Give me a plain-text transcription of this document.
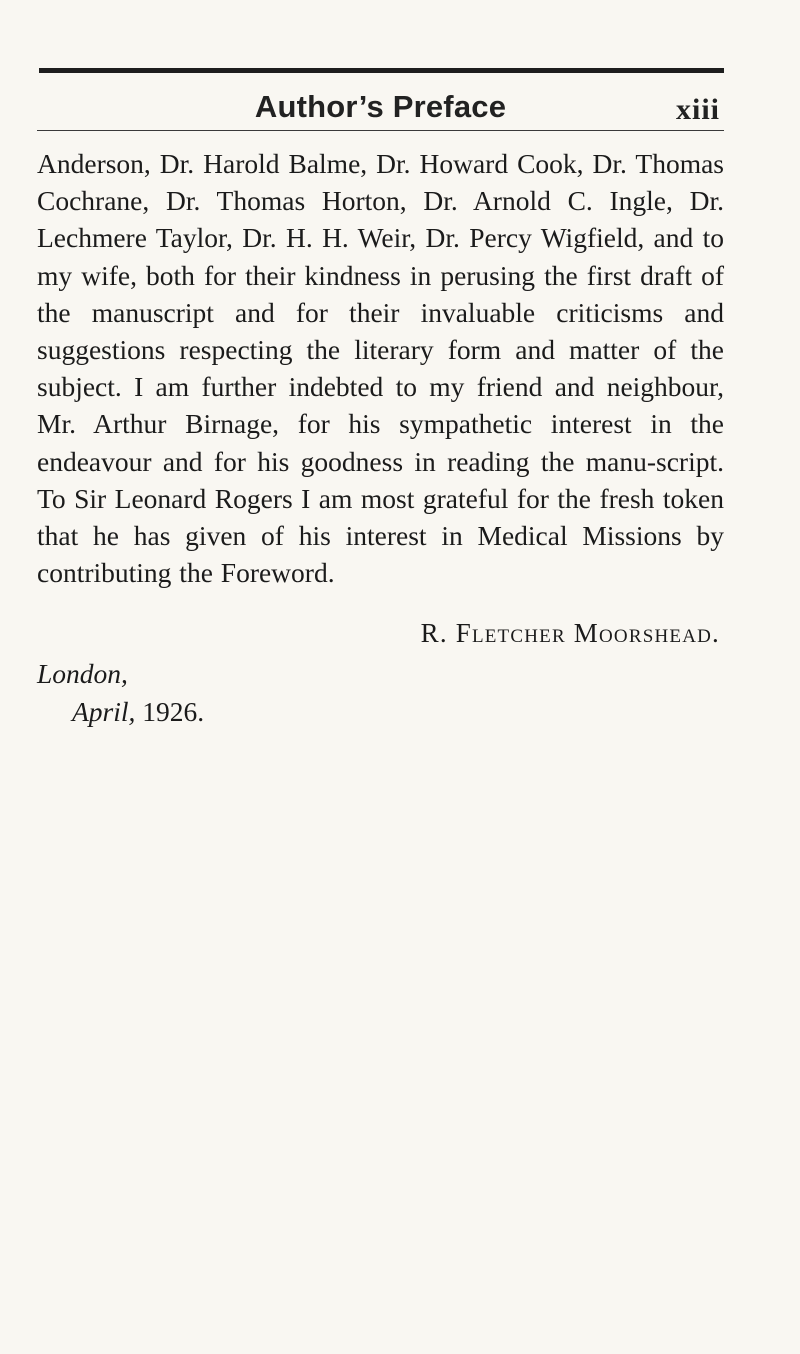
Author’s Preface	xiii
Anderson, Dr. Harold Balme, Dr. Howard Cook, Dr. Thomas Cochrane, Dr. Thomas Horton, Dr. Arnold C. Ingle, Dr. Lechmere Taylor, Dr. H. H. Weir, Dr. Percy Wigfield, and to my wife, both for their kindness in perusing the first draft of the manuscript and for their invaluable criticisms and suggestions respecting the literary form and matter of the subject. I am further indebted to my friend and neighbour, Mr. Arthur Birnage, for his sympathetic interest in the endeavour and for his goodness in reading the manu-script. To Sir Leonard Rogers I am most grateful for the fresh token that he has given of his interest in Medical Missions by contributing the Foreword.
R. Fletcher Moorshead.
London,
April, 1926.
